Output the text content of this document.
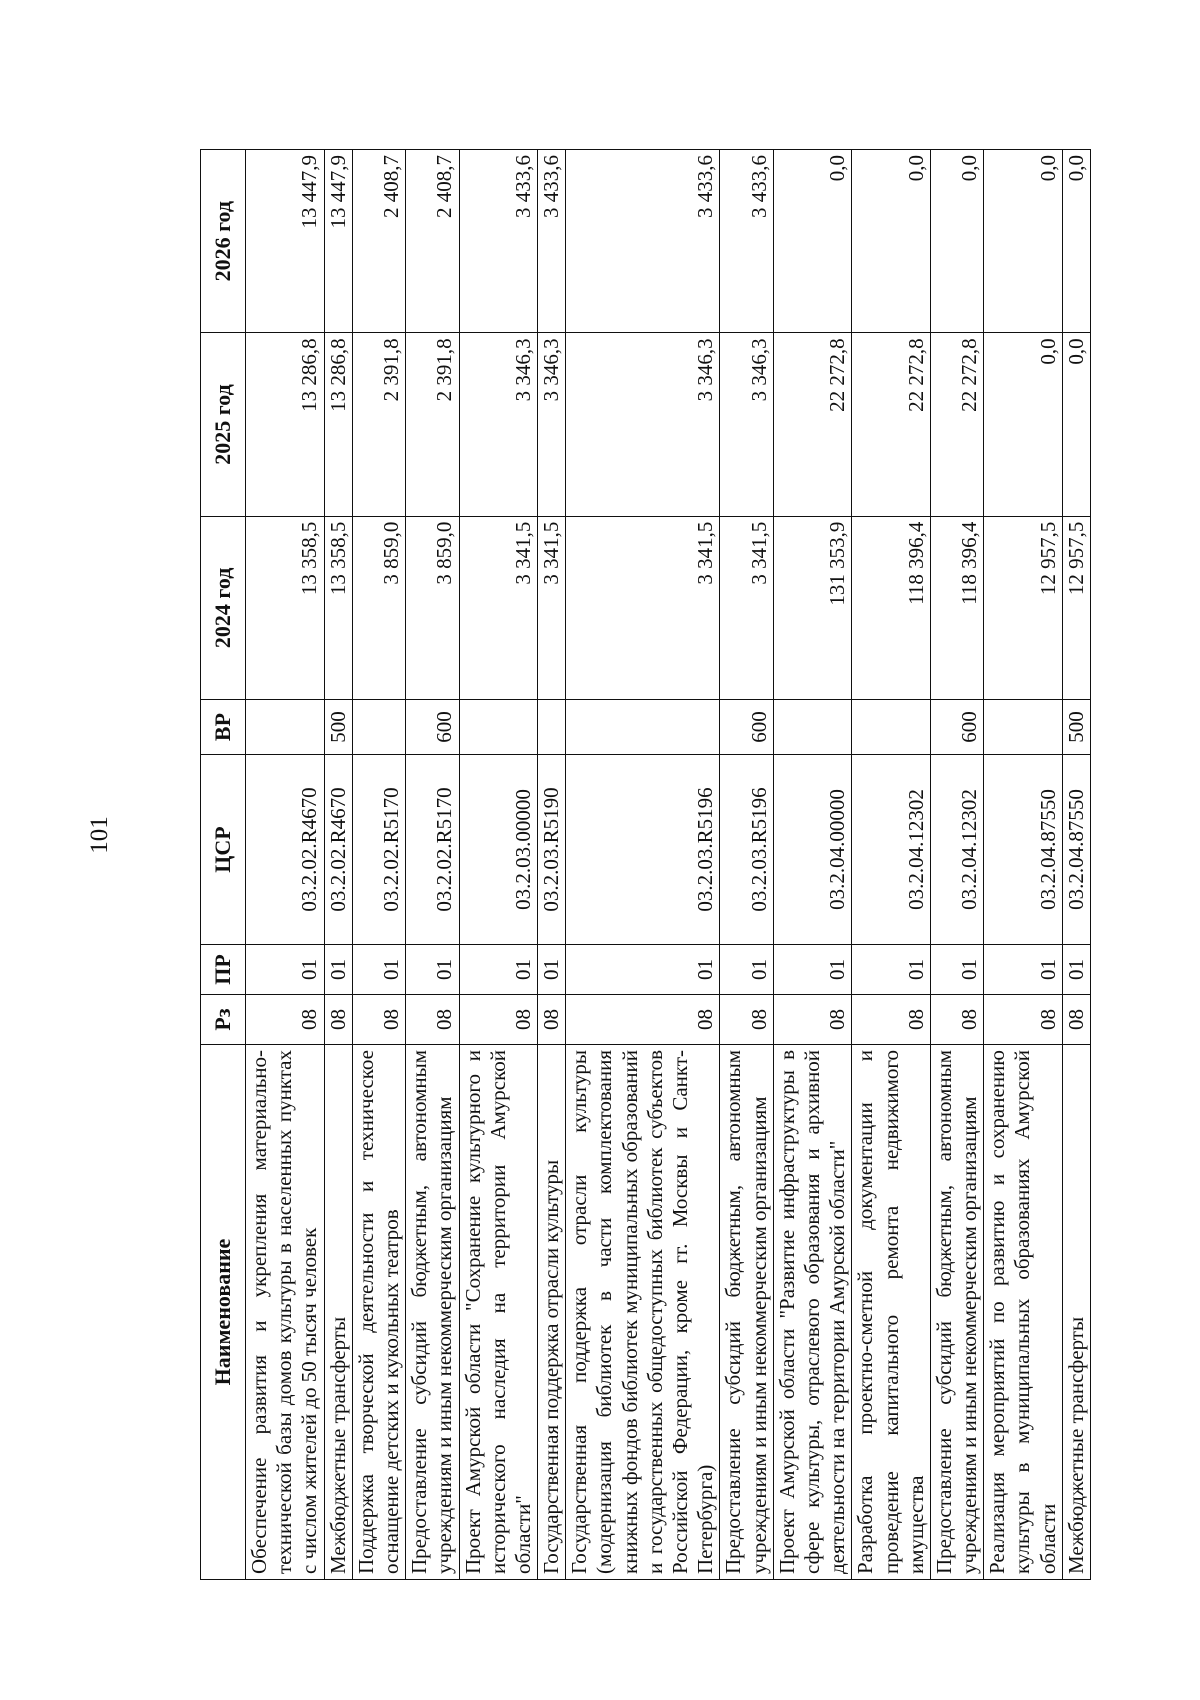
101
Наименование	Рз	ПР	ЦСР	ВР	2024 год	2025 год	2026 год
Обеспечение развития и укрепления материально-технической базы домов культуры в населенных пунктах с числом жителей до 50 тысяч человек	08	01	03.2.02.R4670		13 358,5	13 286,8	13 447,9
Межбюджетные трансферты	08	01	03.2.02.R4670	500	13 358,5	13 286,8	13 447,9
Поддержка творческой деятельности и техническое оснащение детских и кукольных театров	08	01	03.2.02.R5170		3 859,0	2 391,8	2 408,7
Предоставление субсидий бюджетным, автономным учреждениям и иным некоммерческим организациям	08	01	03.2.02.R5170	600	3 859,0	2 391,8	2 408,7
Проект Амурской области "Сохранение культурного и исторического наследия на территории Амурской области"	08	01	03.2.03.00000		3 341,5	3 346,3	3 433,6
Государственная поддержка отрасли культуры	08	01	03.2.03.R5190		3 341,5	3 346,3	3 433,6
Государственная поддержка отрасли культуры (модернизация библиотек в части комплектования книжных фондов библиотек муниципальных образований и государственных общедоступных библиотек субъектов Российской Федерации, кроме гг. Москвы и Санкт-Петербурга)	08	01	03.2.03.R5196		3 341,5	3 346,3	3 433,6
Предоставление субсидий бюджетным, автономным учреждениям и иным некоммерческим организациям	08	01	03.2.03.R5196	600	3 341,5	3 346,3	3 433,6
Проект Амурской области "Развитие инфраструктуры в сфере культуры, отраслевого образования и архивной деятельности на территории Амурской области"	08	01	03.2.04.00000		131 353,9	22 272,8	0,0
Разработка проектно-сметной документации и проведение капитального ремонта недвижимого имущества	08	01	03.2.04.12302		118 396,4	22 272,8	0,0
Предоставление субсидий бюджетным, автономным учреждениям и иным некоммерческим организациям	08	01	03.2.04.12302	600	118 396,4	22 272,8	0,0
Реализация мероприятий по развитию и сохранению культуры в муниципальных образованиях Амурской области	08	01	03.2.04.87550		12 957,5	0,0	0,0
Межбюджетные трансферты	08	01	03.2.04.87550	500	12 957,5	0,0	0,0
